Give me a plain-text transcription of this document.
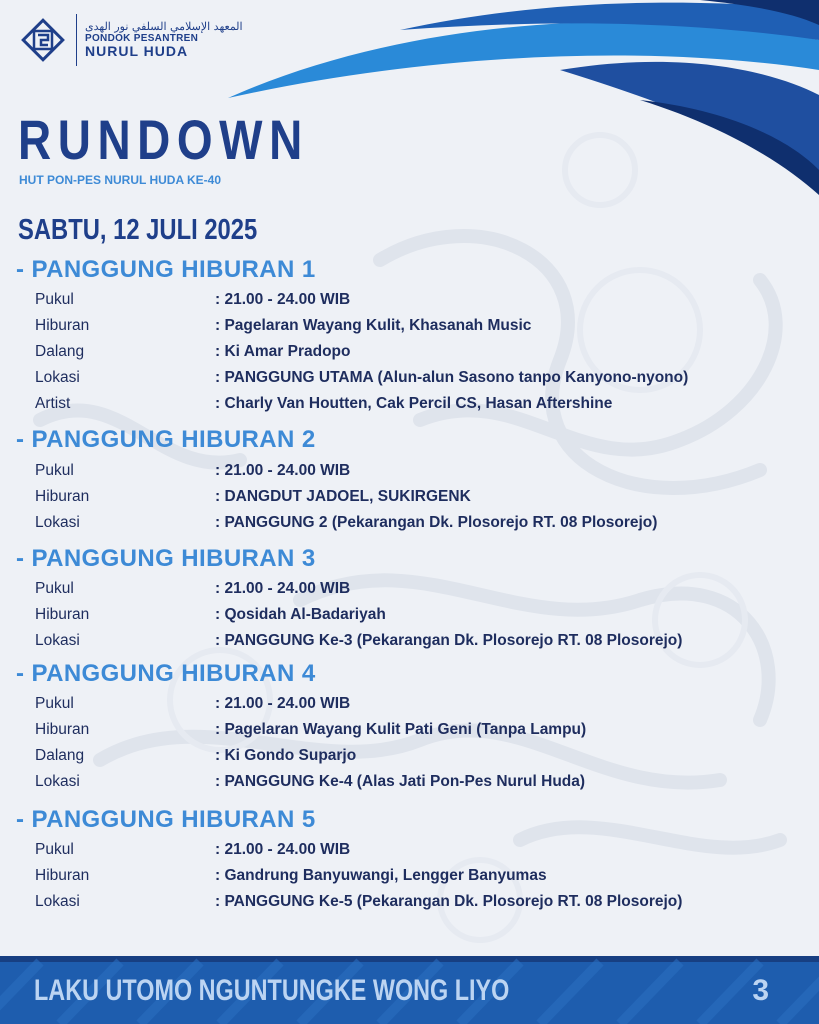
المعهد الإسلامي السلفي نور الهدى
PONDOK PESANTREN
NURUL HUDA
RUNDOWN
HUT PON-PES NURUL HUDA KE-40
SABTU, 12 JULI 2025
- PANGGUNG HIBURAN 1
Pukul	: 21.00 - 24.00 WIB
Hiburan	: Pagelaran Wayang Kulit, Khasanah Music
Dalang	: Ki Amar Pradopo
Lokasi	: PANGGUNG UTAMA (Alun-alun Sasono tanpo Kanyono-nyono)
Artist	: Charly Van Houtten, Cak Percil CS, Hasan Aftershine
- PANGGUNG HIBURAN 2
Pukul	: 21.00 - 24.00 WIB
Hiburan	: DANGDUT JADOEL, SUKIRGENK
Lokasi	: PANGGUNG 2 (Pekarangan Dk. Plosorejo RT. 08 Plosorejo)
- PANGGUNG HIBURAN 3
Pukul	: 21.00 - 24.00 WIB
Hiburan	: Qosidah Al-Badariyah
Lokasi	: PANGGUNG Ke-3 (Pekarangan Dk. Plosorejo RT. 08 Plosorejo)
- PANGGUNG HIBURAN 4
Pukul	: 21.00 - 24.00 WIB
Hiburan	: Pagelaran Wayang Kulit Pati Geni (Tanpa Lampu)
Dalang	: Ki Gondo Suparjo
Lokasi	: PANGGUNG Ke-4 (Alas Jati Pon-Pes Nurul Huda)
- PANGGUNG HIBURAN 5
Pukul	: 21.00 - 24.00 WIB
Hiburan	: Gandrung Banyuwangi, Lengger Banyumas
Lokasi	: PANGGUNG Ke-5 (Pekarangan Dk. Plosorejo RT. 08 Plosorejo)
LAKU UTOMO NGUNTUNGKE WONG LIYO	3
